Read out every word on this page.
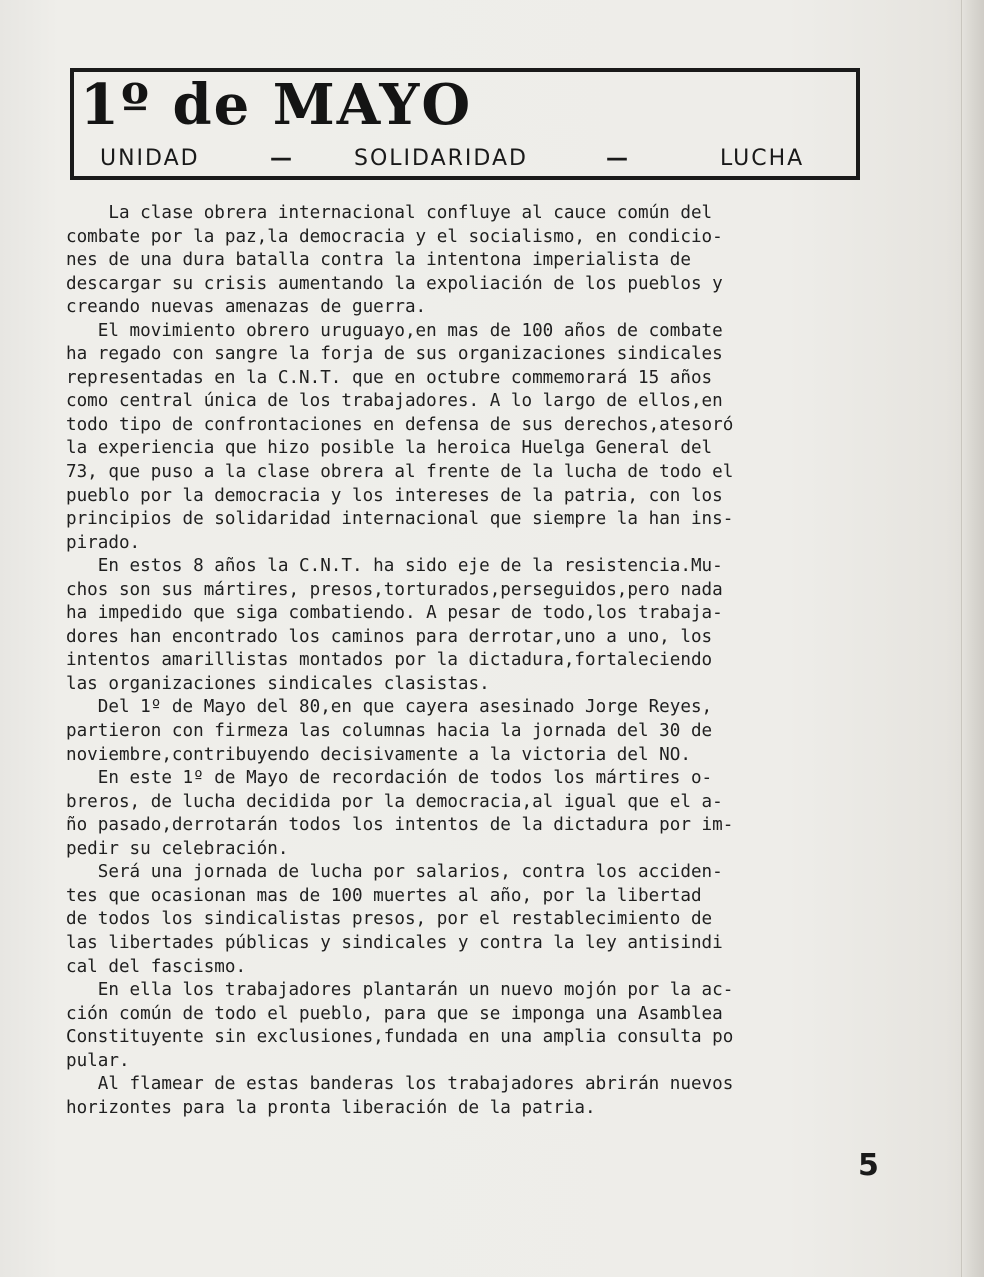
1º de MAYO
UNIDAD	—	SOLIDARIDAD	—	LUCHA
La clase obrera internacional confluye al cauce común del
combate por la paz,la democracia y el socialismo, en condicio-
nes de una dura batalla contra la intentona imperialista de
descargar su crisis aumentando la expoliación de los pueblos y
creando nuevas amenazas de guerra.
El movimiento obrero uruguayo,en mas de 100 años de combate
ha regado con sangre la forja de sus organizaciones sindicales
representadas en la C.N.T. que en octubre commemorará 15 años
como central única de los trabajadores. A lo largo de ellos,en
todo tipo de confrontaciones en defensa de sus derechos,atesoró
la experiencia que hizo posible la heroica Huelga General del
73, que puso a la clase obrera al frente de la lucha de todo el
pueblo por la democracia y los intereses de la patria, con los
principios de solidaridad internacional que siempre la han ins-
pirado.
En estos 8 años la C.N.T. ha sido eje de la resistencia.Mu-
chos son sus mártires, presos,torturados,perseguidos,pero nada
ha impedido que siga combatiendo. A pesar de todo,los trabaja-
dores han encontrado los caminos para derrotar,uno a uno, los
intentos amarillistas montados por la dictadura,fortaleciendo
las organizaciones sindicales clasistas.
Del 1º de Mayo del 80,en que cayera asesinado Jorge Reyes,
partieron con firmeza las columnas hacia la jornada del 30 de
noviembre,contribuyendo decisivamente a la victoria del NO.
En este 1º de Mayo de recordación de todos los mártires o-
breros, de lucha decidida por la democracia,al igual que el a-
ño pasado,derrotarán todos los intentos de la dictadura por im-
pedir su celebración.
Será una jornada de lucha por salarios, contra los acciden-
tes que ocasionan mas de 100 muertes al año, por la libertad
de todos los sindicalistas presos, por el restablecimiento de
las libertades públicas y sindicales y contra la ley antisindi
cal del fascismo.
En ella los trabajadores plantarán un nuevo mojón por la ac-
ción común de todo el pueblo, para que se imponga una Asamblea
Constituyente sin exclusiones,fundada en una amplia consulta po
pular.
Al flamear de estas banderas los trabajadores abrirán nuevos
horizontes para la pronta liberación de la patria.
5
